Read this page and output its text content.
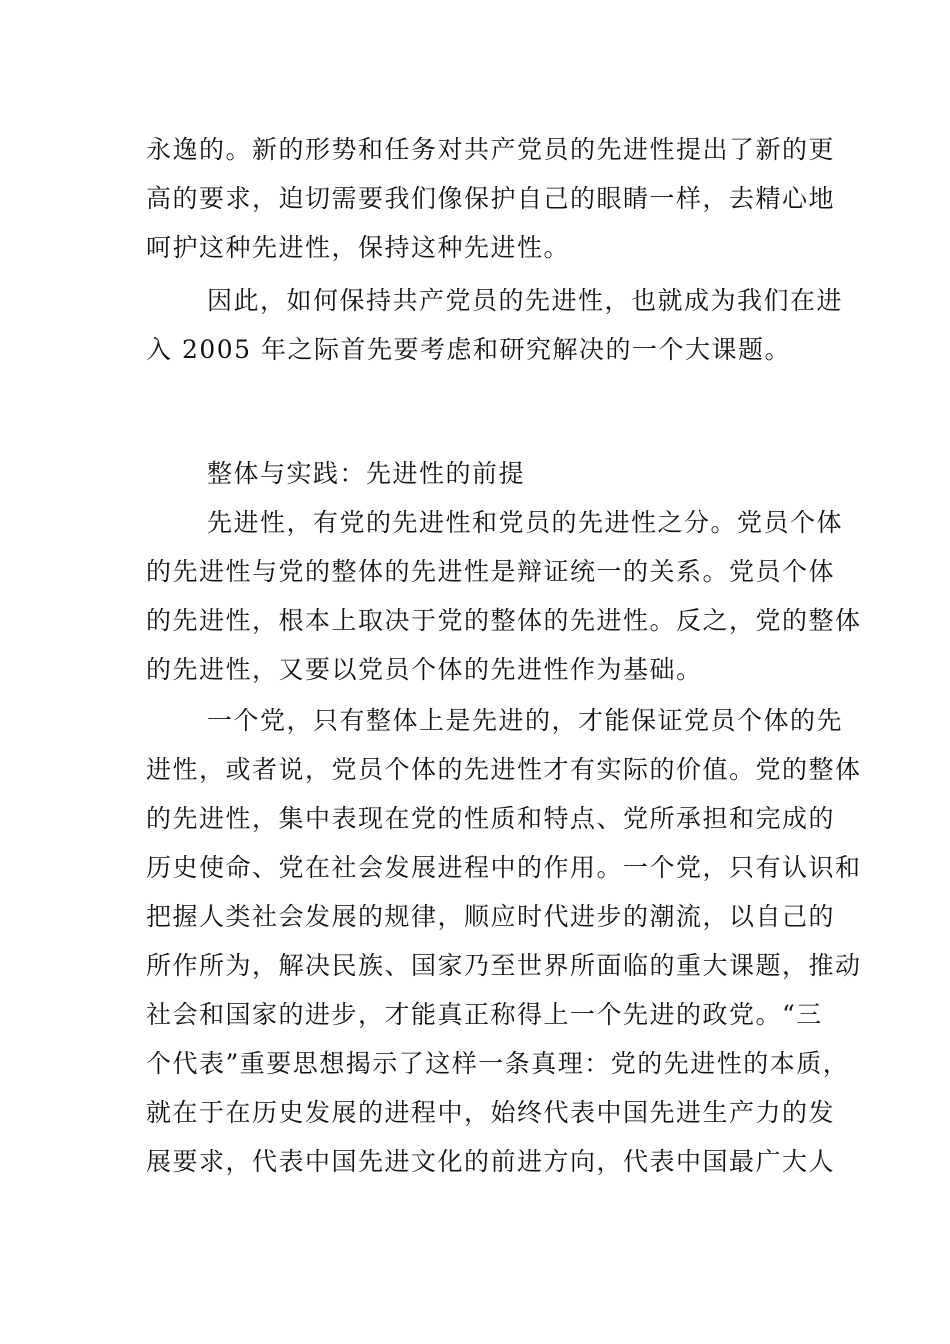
永逸的。新的形势和任务对共产党员的先进性提出了新的更
高的要求，迫切需要我们像保护自己的眼睛一样，去精心地
呵护这种先进性，保持这种先进性。
因此，如何保持共产党员的先进性，也就成为我们在进
入 2005 年之际首先要考虑和研究解决的一个大课题。
整体与实践：先进性的前提
先进性，有党的先进性和党员的先进性之分。党员个体
的先进性与党的整体的先进性是辩证统一的关系。党员个体
的先进性，根本上取决于党的整体的先进性。反之，党的整体
的先进性，又要以党员个体的先进性作为基础。
一个党，只有整体上是先进的，才能保证党员个体的先
进性，或者说，党员个体的先进性才有实际的价值。党的整体
的先进性，集中表现在党的性质和特点、党所承担和完成的
历史使命、党在社会发展进程中的作用。一个党，只有认识和
把握人类社会发展的规律，顺应时代进步的潮流，以自己的
所作所为，解决民族、国家乃至世界所面临的重大课题，推动
社会和国家的进步，才能真正称得上一个先进的政党。“三
个代表”重要思想揭示了这样一条真理：党的先进性的本质，
就在于在历史发展的进程中，始终代表中国先进生产力的发
展要求，代表中国先进文化的前进方向，代表中国最广大人
